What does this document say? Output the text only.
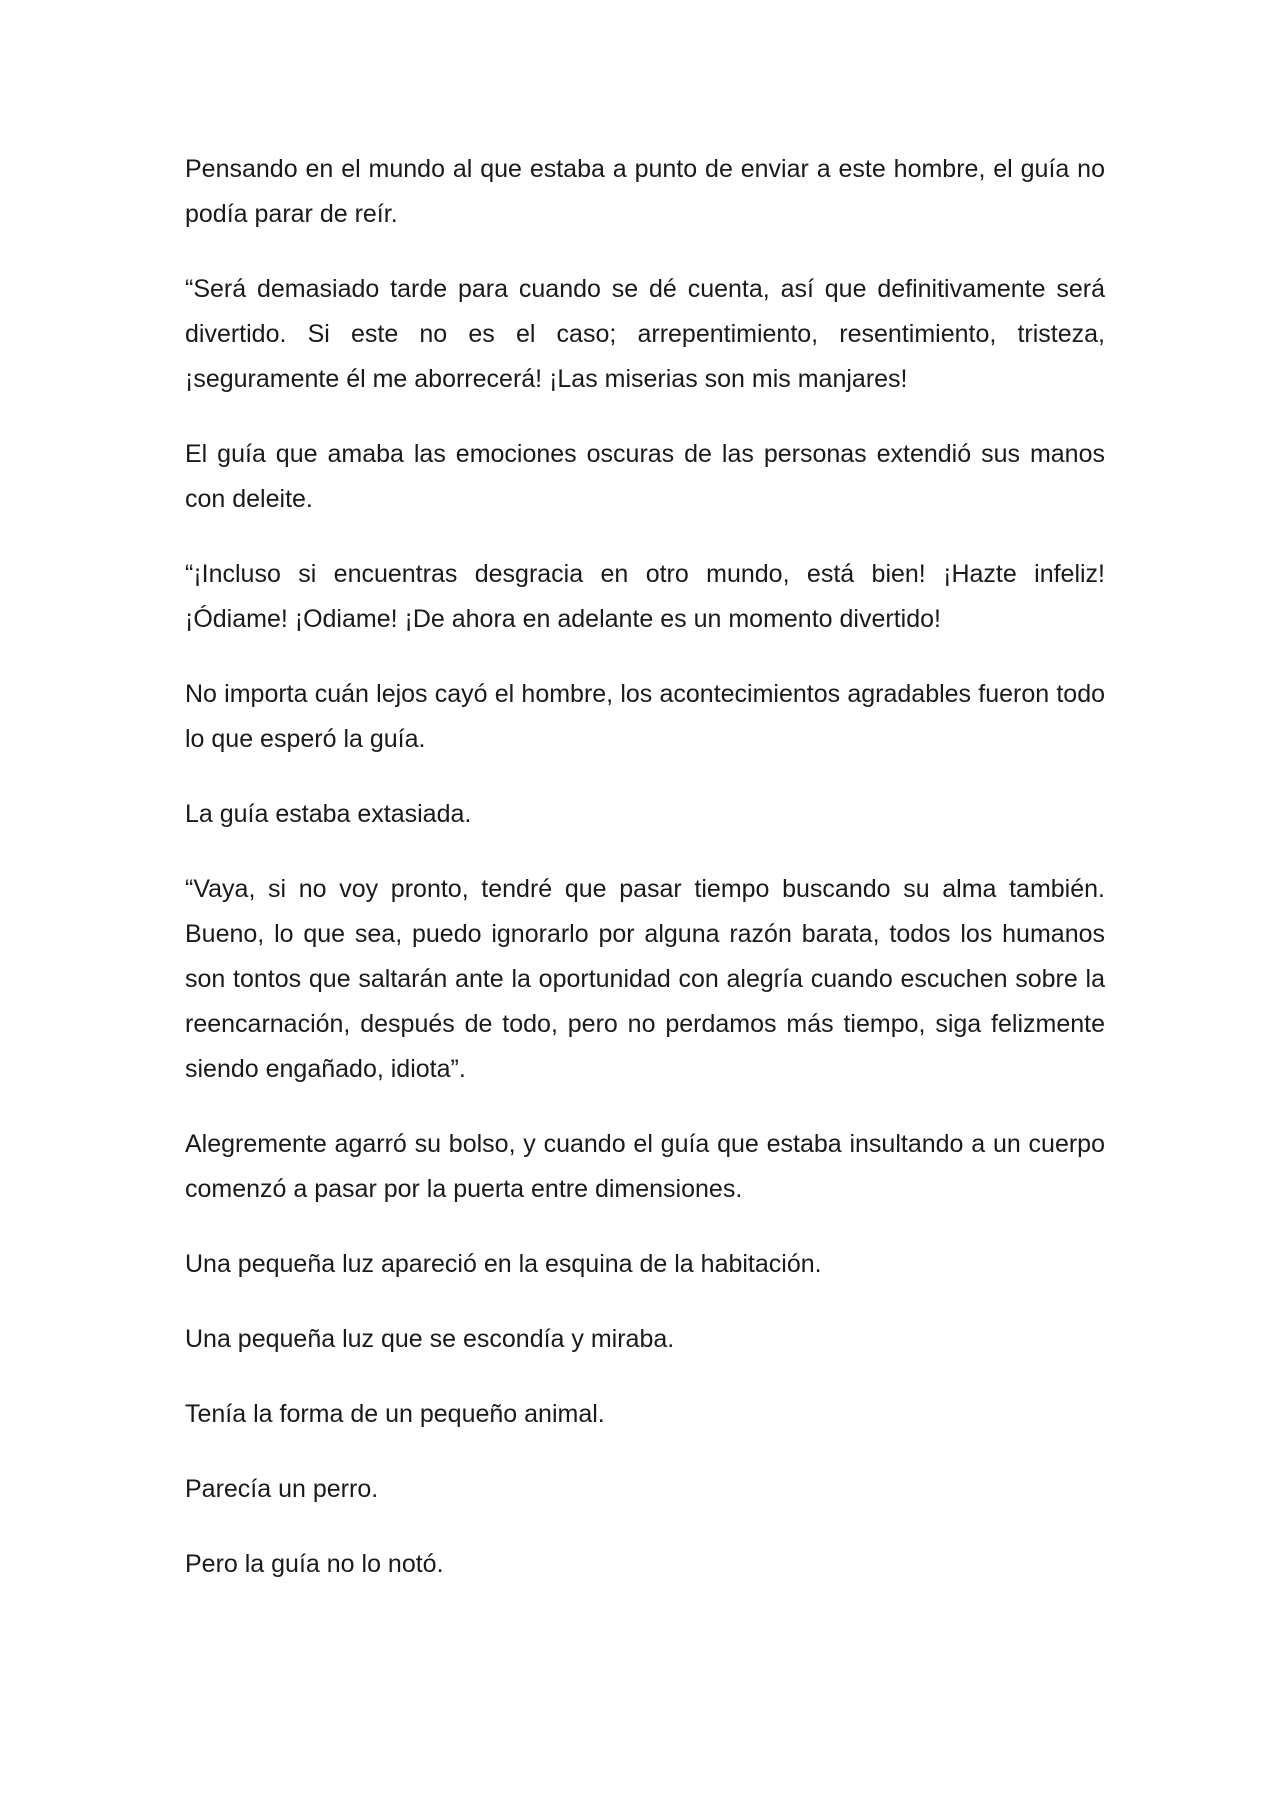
Pensando en el mundo al que estaba a punto de enviar a este hombre, el guía no podía parar de reír.

“Será demasiado tarde para cuando se dé cuenta, así que definitivamente será divertido. Si este no es el caso; arrepentimiento, resentimiento, tristeza, ¡seguramente él me aborrecerá! ¡Las miserias son mis manjares!

El guía que amaba las emociones oscuras de las personas extendió sus manos con deleite.

“¡Incluso si encuentras desgracia en otro mundo, está bien! ¡Hazte infeliz! ¡Ódiame! ¡Odiame! ¡De ahora en adelante es un momento divertido!

No importa cuán lejos cayó el hombre, los acontecimientos agradables fueron todo lo que esperó la guía.

La guía estaba extasiada.

“Vaya, si no voy pronto, tendré que pasar tiempo buscando su alma también. Bueno, lo que sea, puedo ignorarlo por alguna razón barata, todos los humanos son tontos que saltarán ante la oportunidad con alegría cuando escuchen sobre la reencarnación, después de todo, pero no perdamos más tiempo, siga felizmente siendo engañado, idiota”.

Alegremente agarró su bolso, y cuando el guía que estaba insultando a un cuerpo comenzó a pasar por la puerta entre dimensiones.

Una pequeña luz apareció en la esquina de la habitación.

Una pequeña luz que se escondía y miraba.

Tenía la forma de un pequeño animal.

Parecía un perro.

Pero la guía no lo notó.
